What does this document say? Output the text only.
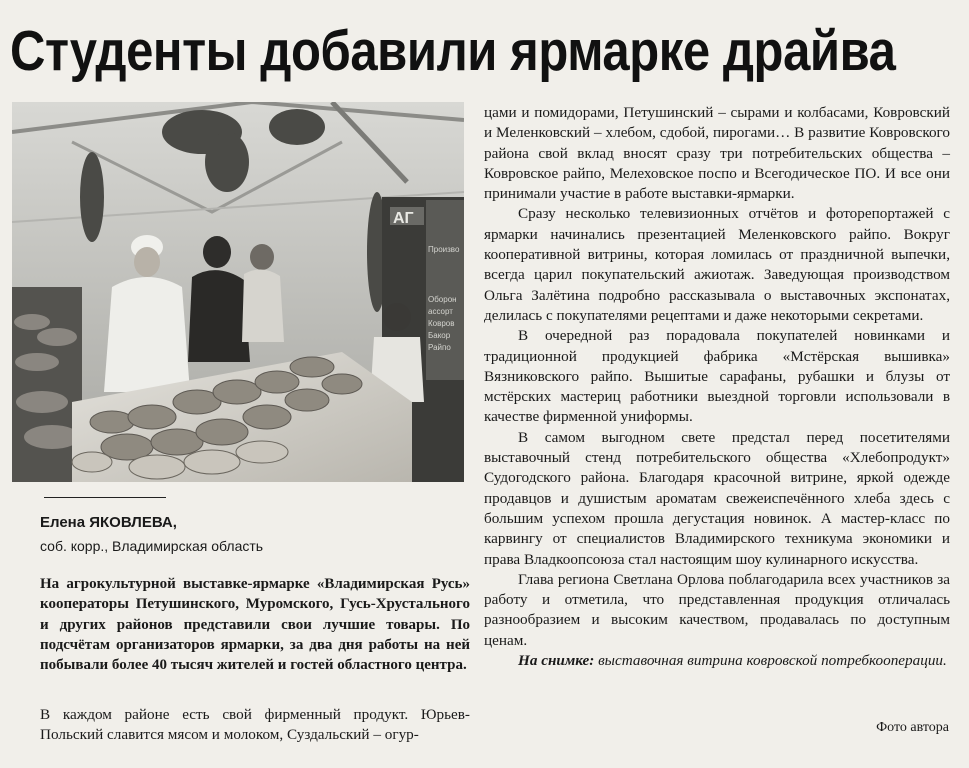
Студенты добавили ярмарке драйва
АГ
Произво
Оборон
ассорт
Ковров
Бакор
Райпо

Елена ЯКОВЛЕВА,

соб. корр., Владимирская область

На агрокультурной выставке-ярмарке «Владимирская Русь» кооператоры Петушинского, Муромского, Гусь-Хрустального и других районов представили свои лучшие товары. По подсчётам организаторов ярмарки, за два дня работы на ней побывали более 40 тысяч жителей и гостей областного центра.

В каждом районе есть свой фирменный продукт. Юрьев-Польский славится мясом и молоком, Суздальский – огур-

цами и помидорами, Петушинский – сырами и колбасами, Ковровский и Меленковский – хлебом, сдобой, пирогами… В развитие Ковровского района свой вклад вносят сразу три потребительских общества – Ковровское райпо, Мелеховское поспо и Всегодическое ПО. И все они принимали участие в работе выставки-ярмарки.

Сразу несколько телевизионных отчётов и фоторепортажей с ярмарки начинались презентацией Меленковского райпо. Вокруг кооперативной витрины, которая ломилась от праздничной выпечки, всегда царил покупательский ажиотаж. Заведующая производством Ольга Залётина подробно рассказывала о выставочных экспонатах, делилась с покупателями рецептами и даже некоторыми секретами.

В очередной раз порадовала покупателей новинками и традиционной продукцией фабрика «Мстёрская вышивка» Вязниковского райпо. Вышитые сарафаны, рубашки и блузы от мстёрских мастериц работники выездной торговли использовали в качестве фирменной униформы.

В самом выгодном свете предстал перед посетителями выставочный стенд потребительского общества «Хлебопродукт» Судогодского района. Благодаря красочной витрине, яркой одежде продавцов и душистым ароматам свежеиспечённого хлеба здесь с большим успехом прошла дегустация новинок. А мастер-класс по карвингу от специалистов Владимирского техникума экономики и права Владкоопсоюза стал настоящим шоу кулинарного искусства.

Глава региона Светлана Орлова поблагодарила всех участников за работу и отметила, что представленная продукция отличалась разнообразием и высоким качеством, продавалась по доступным ценам.

На снимке: выставочная витрина ковровской потребкооперации.

Фото автора
